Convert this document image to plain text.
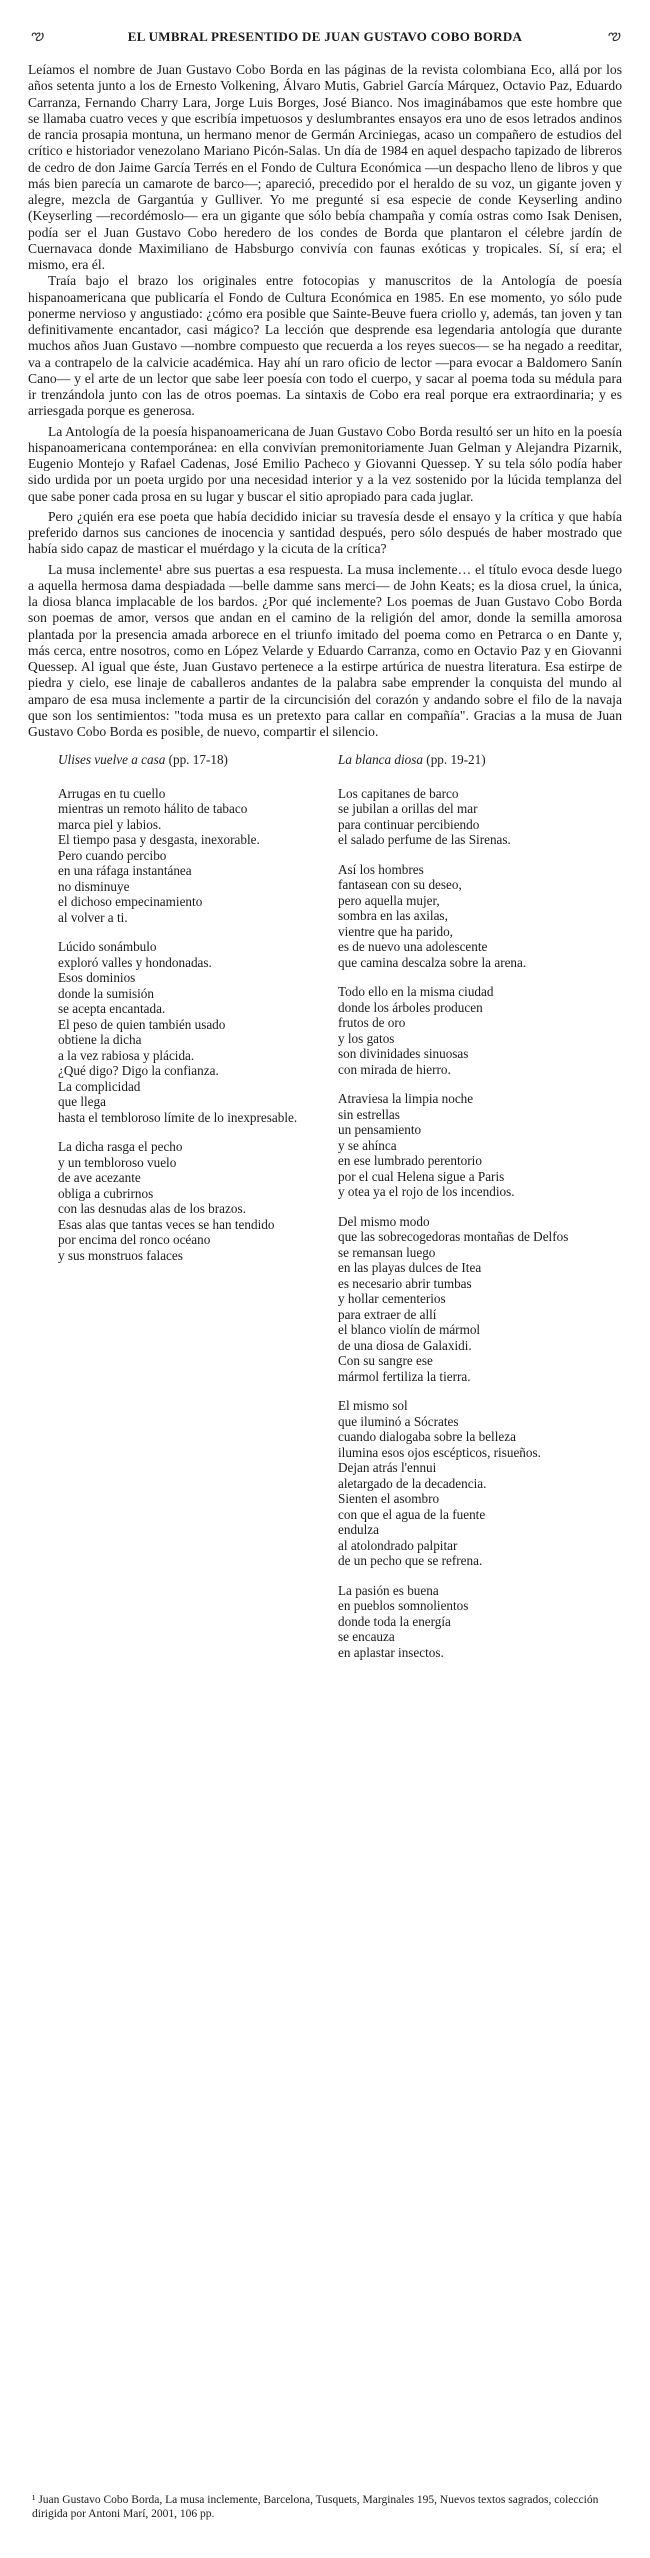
ఌ	EL UMBRAL PRESENTIDO DE JUAN GUSTAVO COBO BORDA	ఌ

Leíamos el nombre de Juan Gustavo Cobo Borda en las páginas de la revista colombiana Eco, allá por los años setenta junto a los de Ernesto Volkening, Álvaro Mutis, Gabriel García Márquez, Octavio Paz, Eduardo Carranza, Fernando Charry Lara, Jorge Luis Borges, José Bianco. Nos imaginábamos que este hombre que se llamaba cuatro veces y que escribía impetuosos y deslumbrantes ensayos era uno de esos letrados andinos de rancia prosapia montuna, un hermano menor de Germán Arciniegas, acaso un compañero de estudios del crítico e historiador venezolano Mariano Picón-Salas. Un día de 1984 en aquel despacho tapizado de libreros de cedro de don Jaime García Terrés en el Fondo de Cultura Económica —un despacho lleno de libros y que más bien parecía un camarote de barco—; apareció, precedido por el heraldo de su voz, un gigante joven y alegre, mezcla de Gargantúa y Gulliver. Yo me pregunté si esa especie de conde Keyserling andino (Keyserling —recordémoslo— era un gigante que sólo bebía champaña y comía ostras como Isak Denisen, podía ser el Juan Gustavo Cobo heredero de los condes de Borda que plantaron el célebre jardín de Cuernavaca donde Maximiliano de Habsburgo convivía con faunas exóticas y tropicales. Sí, sí era; el mismo, era él.

Traía bajo el brazo los originales entre fotocopias y manuscritos de la Antología de poesía hispanoamericana que publicaría el Fondo de Cultura Económica en 1985. En ese momento, yo sólo pude ponerme nervioso y angustiado: ¿cómo era posible que Sainte-Beuve fuera criollo y, además, tan joven y tan definitivamente encantador, casi mágico? La lección que desprende esa legendaria antología que durante muchos años Juan Gustavo —nombre compuesto que recuerda a los reyes suecos— se ha negado a reeditar, va a contrapelo de la calvicie académica. Hay ahí un raro oficio de lector —para evocar a Baldomero Sanín Cano— y el arte de un lector que sabe leer poesía con todo el cuerpo, y sacar al poema toda su médula para ir trenzándola junto con las de otros poemas. La sintaxis de Cobo era real porque era extraordinaria; y es arriesgada porque es generosa.

La Antología de la poesía hispanoamericana de Juan Gustavo Cobo Borda resultó ser un hito en la poesía hispanoamericana contemporánea: en ella convivían premonitoriamente Juan Gelman y Alejandra Pizarnik, Eugenio Montejo y Rafael Cadenas, José Emilio Pacheco y Giovanni Quessep. Y su tela sólo podía haber sido urdida por un poeta urgido por una necesidad interior y a la vez sostenido por la lúcida templanza del que sabe poner cada prosa en su lugar y buscar el sitio apropiado para cada juglar.

Pero ¿quién era ese poeta que había decidido iniciar su travesía desde el ensayo y la crítica y que había preferido darnos sus canciones de inocencia y santidad después, pero sólo después de haber mostrado que había sido capaz de masticar el muérdago y la cicuta de la crítica?

La musa inclemente¹ abre sus puertas a esa respuesta. La musa inclemente… el título evoca desde luego a aquella hermosa dama despiadada —belle damme sans merci— de John Keats; es la diosa cruel, la única, la diosa blanca implacable de los bardos. ¿Por qué inclemente? Los poemas de Juan Gustavo Cobo Borda son poemas de amor, versos que andan en el camino de la religión del amor, donde la semilla amorosa plantada por la presencia amada arborece en el triunfo imitado del poema como en Petrarca o en Dante y, más cerca, entre nosotros, como en López Velarde y Eduardo Carranza, como en Octavio Paz y en Giovanni Quessep. Al igual que éste, Juan Gustavo pertenece a la estirpe artúrica de nuestra literatura. Esa estirpe de piedra y cielo, ese linaje de caballeros andantes de la palabra sabe emprender la conquista del mundo al amparo de esa musa inclemente a partir de la circuncisión del corazón y andando sobre el filo de la navaja que son los sentimientos: "toda musa es un pretexto para callar en compañía". Gracias a la musa de Juan Gustavo Cobo Borda es posible, de nuevo, compartir el silencio.

Ulises vuelve a casa (pp. 17-18)
Arrugas en tu cuello
mientras un remoto hálito de tabaco
marca piel y labios.
El tiempo pasa y desgasta, inexorable.
Pero cuando percibo
en una ráfaga instantánea
no disminuye
el dichoso empecinamiento
al volver a ti.
Lúcido sonámbulo
exploró valles y hondonadas.
Esos dominios
donde la sumisión
se acepta encantada.
El peso de quien también usado
obtiene la dicha
a la vez rabiosa y plácida.
¿Qué digo? Digo la confianza.
La complicidad
que llega
hasta el tembloroso límite de lo inexpresable.
La dicha rasga el pecho
y un tembloroso vuelo
de ave acezante
obliga a cubrirnos
con las desnudas alas de los brazos.
Esas alas que tantas veces se han tendido
por encima del ronco océano
y sus monstruos falaces
La blanca diosa (pp. 19-21)
Los capitanes de barco
se jubilan a orillas del mar
para continuar percibiendo
el salado perfume de las Sirenas.
Así los hombres
fantasean con su deseo,
pero aquella mujer,
sombra en las axilas,
vientre que ha parido,
es de nuevo una adolescente
que camina descalza sobre la arena.
Todo ello en la misma ciudad
donde los árboles producen
frutos de oro
y los gatos
son divinidades sinuosas
con mirada de hierro.
Atraviesa la limpia noche
sin estrellas
un pensamiento
y se ahínca
en ese lumbrado perentorio
por el cual Helena sigue a Paris
y otea ya el rojo de los incendios.
Del mismo modo
que las sobrecogedoras montañas de Delfos
se remansan luego
en las playas dulces de Itea
es necesario abrir tumbas
y hollar cementerios
para extraer de allí
el blanco violín de mármol
de una diosa de Galaxidi.
Con su sangre ese
mármol fertiliza la tierra.
El mismo sol
que iluminó a Sócrates
cuando dialogaba sobre la belleza
ilumina esos ojos escépticos, risueños.
Dejan atrás l'ennui
aletargado de la decadencia.
Sienten el asombro
con que el agua de la fuente
endulza
al atolondrado palpitar
de un pecho que se refrena.
La pasión es buena
en pueblos somnolientos
donde toda la energía
se encauza
en aplastar insectos.
¹ Juan Gustavo Cobo Borda, La musa inclemente, Barcelona, Tusquets, Marginales 195, Nuevos textos sagrados, colección dirigida por Antoni Marí, 2001, 106 pp.
